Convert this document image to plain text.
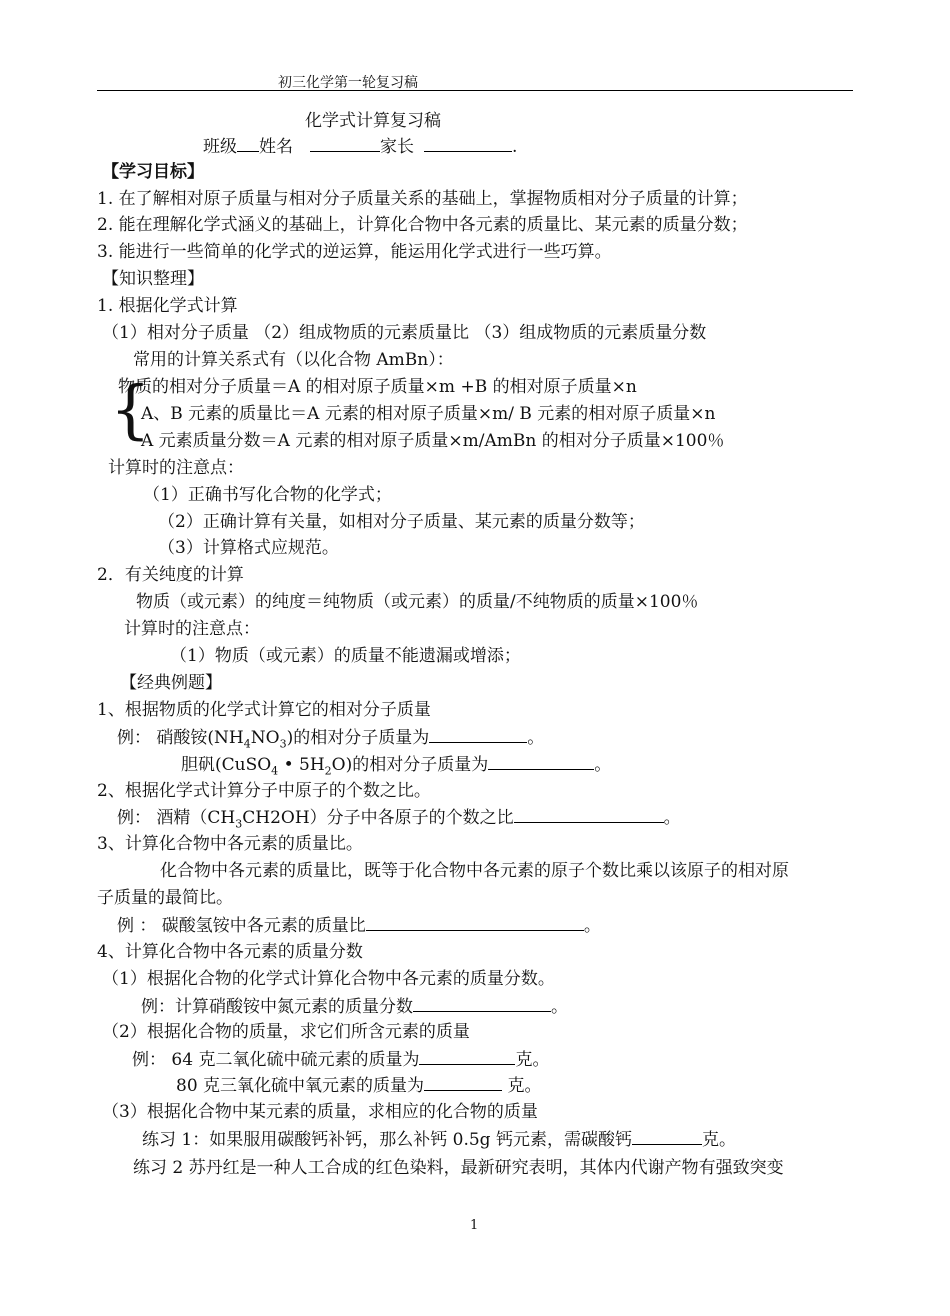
初三化学第一轮复习稿
化学式计算复习稿
班级 姓名	家长	.
【学习目标】
1. 在了解相对原子质量与相对分子质量关系的基础上，掌握物质相对分子质量的计算；
2. 能在理解化学式涵义的基础上，计算化合物中各元素的质量比、某元素的质量分数；
3. 能进行一些简单的化学式的逆运算，能运用化学式进行一些巧算。
【知识整理】
1. 根据化学式计算
（1）相对分子质量 （2）组成物质的元素质量比 （3）组成物质的元素质量分数
常用的计算关系式有（以化合物 AmBn）：
{
物质的相对分子质量＝A 的相对原子质量×m +B 的相对原子质量×n
A、B 元素的质量比＝A 元素的相对原子质量×m/ B 元素的相对原子质量×n
A 元素质量分数＝A 元素的相对原子质量×m/AmBn 的相对分子质量×100％
计算时的注意点：
（1）正确书写化合物的化学式；
（2）正确计算有关量，如相对分子质量、某元素的质量分数等；
（3）计算格式应规范。
2．有关纯度的计算
物质（或元素）的纯度＝纯物质（或元素）的质量/不纯物质的质量×100％
计算时的注意点：
（1）物质（或元素）的质量不能遗漏或增添；
【经典例题】
1、根据物质的化学式计算它的相对分子质量
例： 硝酸铵$(NH_4NO_3)$的相对分子质量为	。
胆矾(CuSO$_4$ • $5H_2O$)的相对分子质量为	。
2、根据化学式计算分子中原子的个数之比。
例： 酒精$(CH_3CH2OH)$分子中各原子的个数之比	。
3、计算化合物中各元素的质量比。
化合物中各元素的质量比，既等于化合物中各元素的原子个数比乘以该原子的相对原
子质量的最简比。
例 ： 碳酸氢铵中各元素的质量比	。
4、计算化合物中各元素的质量分数
（1）根据化合物的化学式计算化合物中各元素的质量分数。
例：计算硝酸铵中氮元素的质量分数	。
（2）根据化合物的质量，求它们所含元素的质量
例： 64 克二氧化硫中硫元素的质量为	克。
80 克三氧化硫中氧元素的质量为	克。
（3）根据化合物中某元素的质量，求相应的化合物的质量
练习 1：如果服用碳酸钙补钙，那么补钙 0.5g 钙元素，需碳酸钙	克。
练习 2 苏丹红是一种人工合成的红色染料，最新研究表明，其体内代谢产物有强致突变
1
